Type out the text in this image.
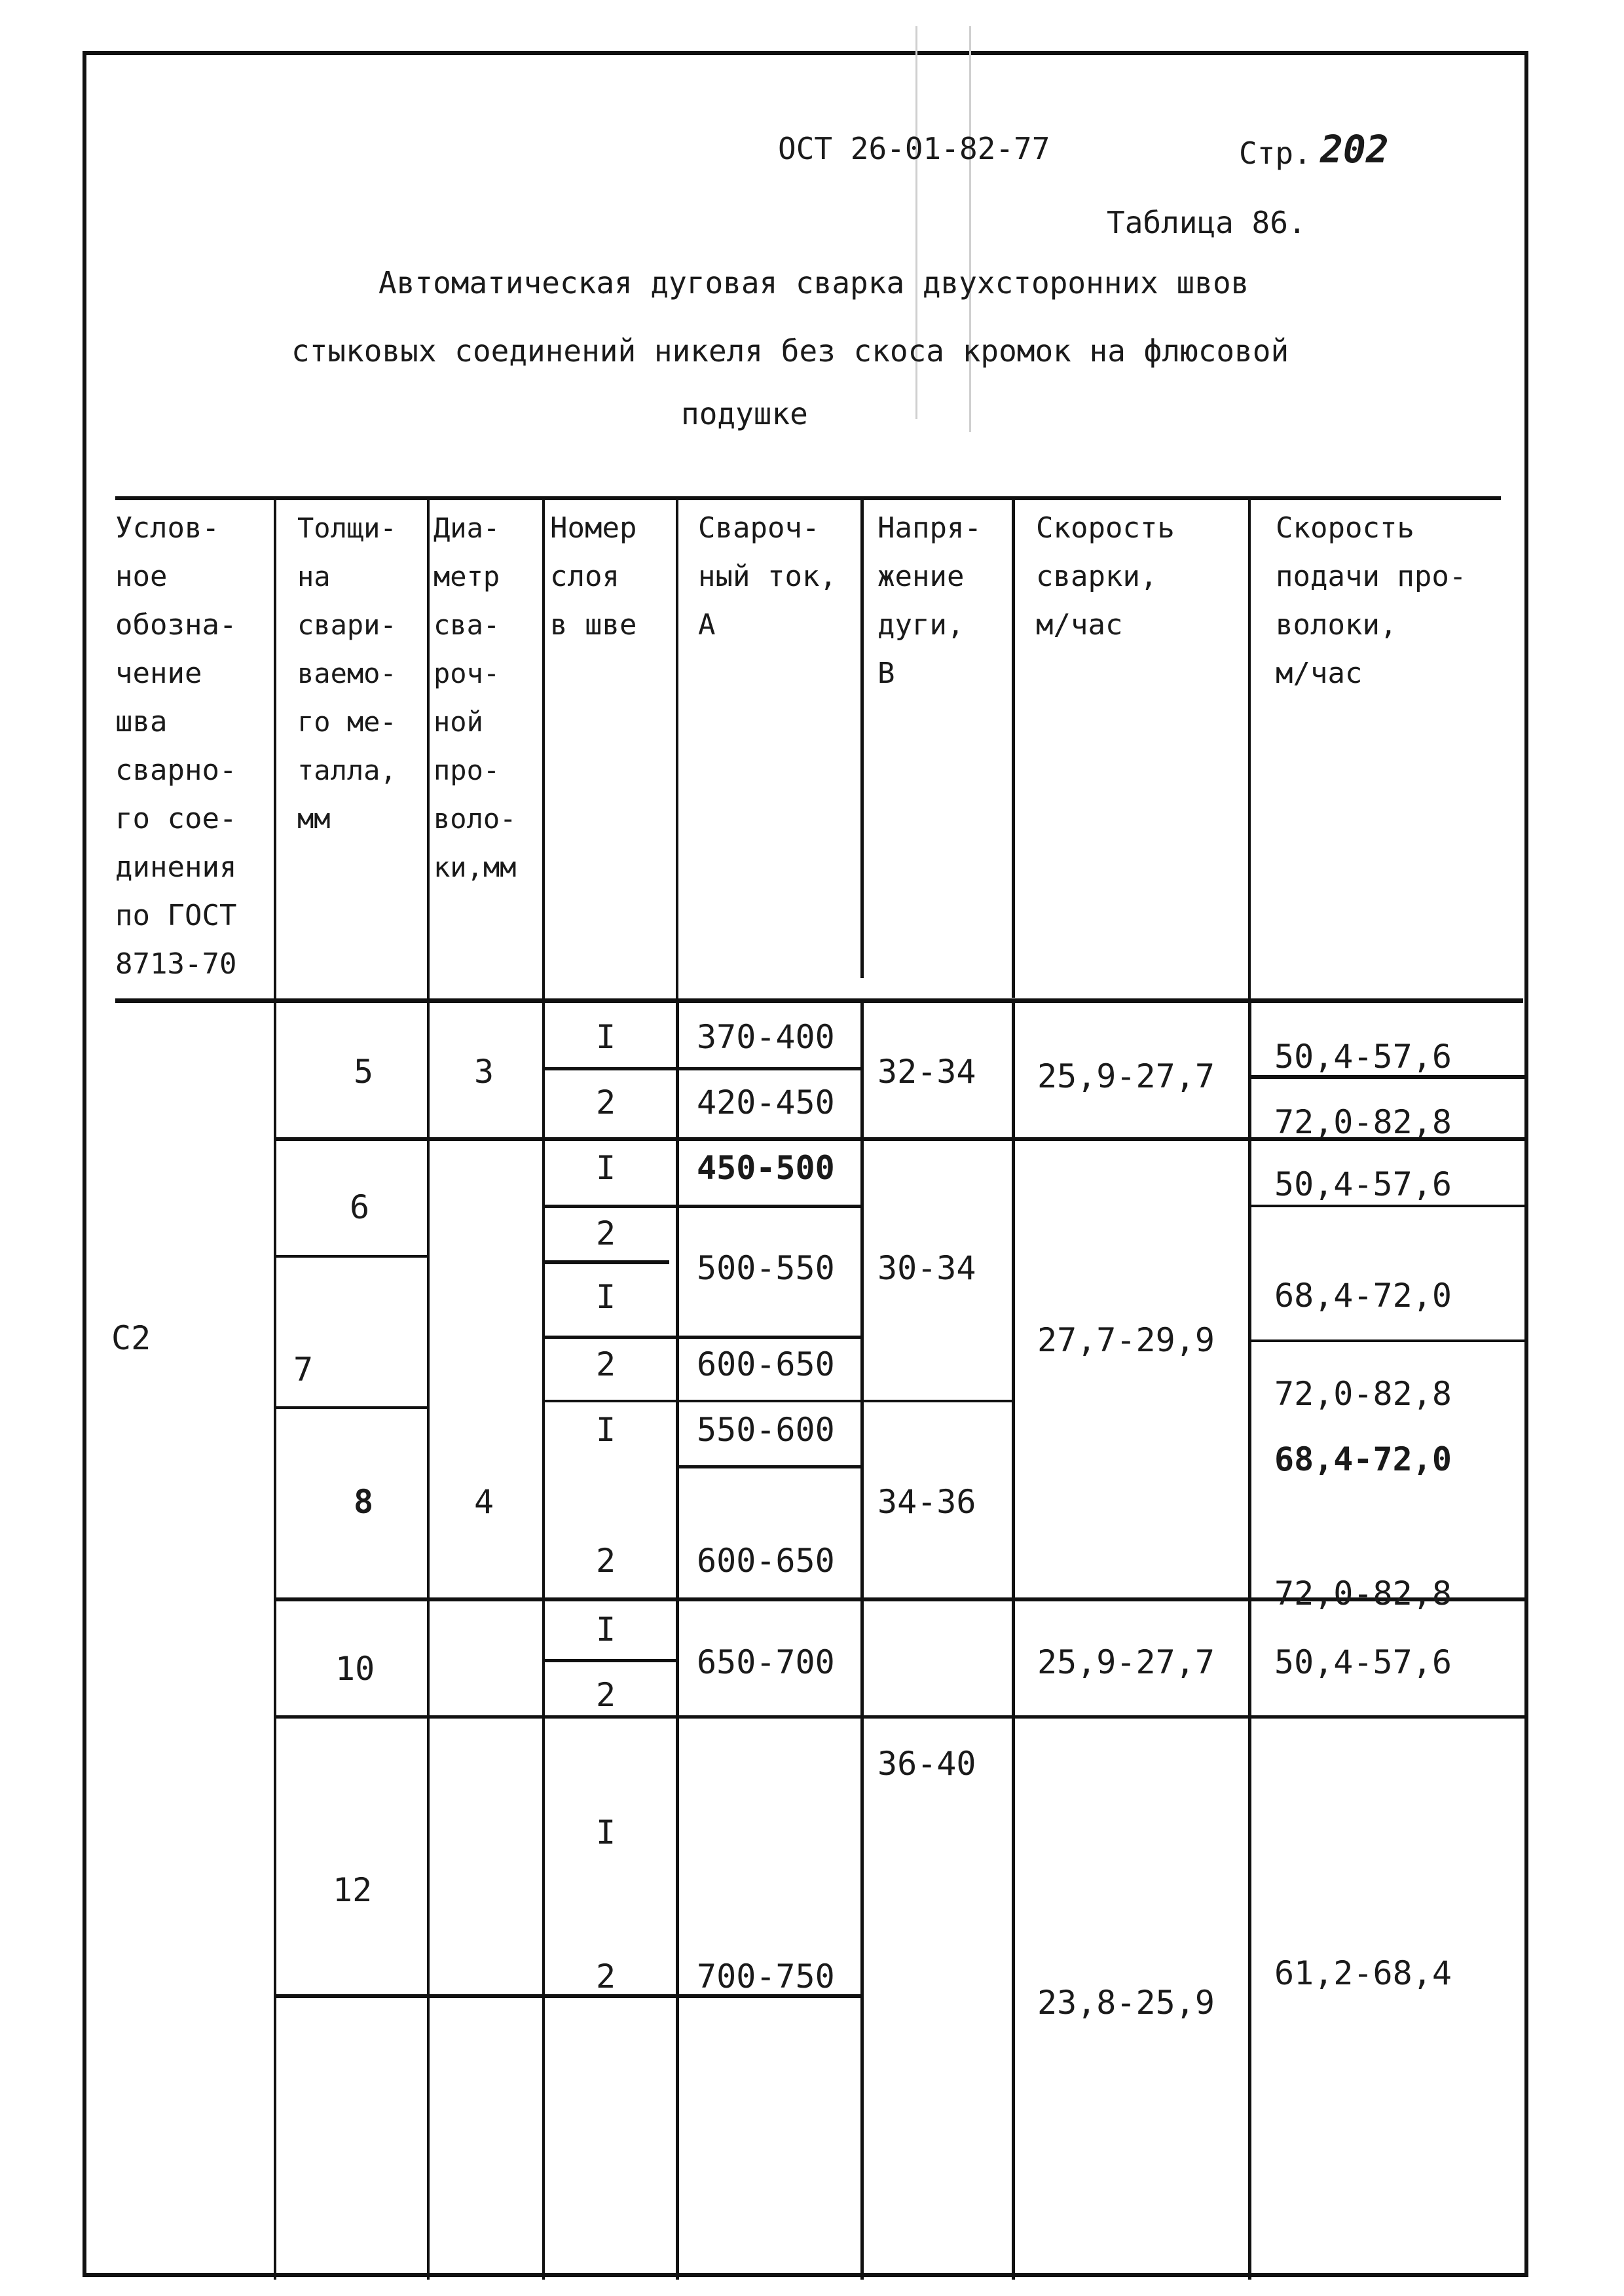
ОСТ 26-01-82-77	Стр. 202
Таблица 86.
Автоматическая дуговая сварка двухсторонних швов
стыковых соединений никеля без скоса кромок на флюсовой
подушке
Услов-
ное
обозна-
чение
шва
сварно-
го сое-
динения
по ГОСТ
8713-70
Толщи-
на
свари-
ваемо-
го ме-
талла,
мм
Диа-
метр
сва-
роч-
ной
про-
воло-
ки,мм
Номер
слоя
в шве
Свароч-
ный ток,
А
Напря-
жение
дуги,
В
Скорость
сварки,
м/час
Скорость
подачи про-
волоки,
м/час
С2
5
6
7
8
10
12
3
4
I
2
I
2
I
2
I
2
I
2
I
2
370-400
420-450
450-500
500-550
600-650
550-600
600-650
650-700
700-750
32-34
30-34
34-36
36-40
25,9-27,7
27,7-29,9
25,9-27,7
23,8-25,9
50,4-57,6
72,0-82,8
50,4-57,6
68,4-72,0
72,0-82,8
68,4-72,0
72,0-82,8
50,4-57,6
61,2-68,4
